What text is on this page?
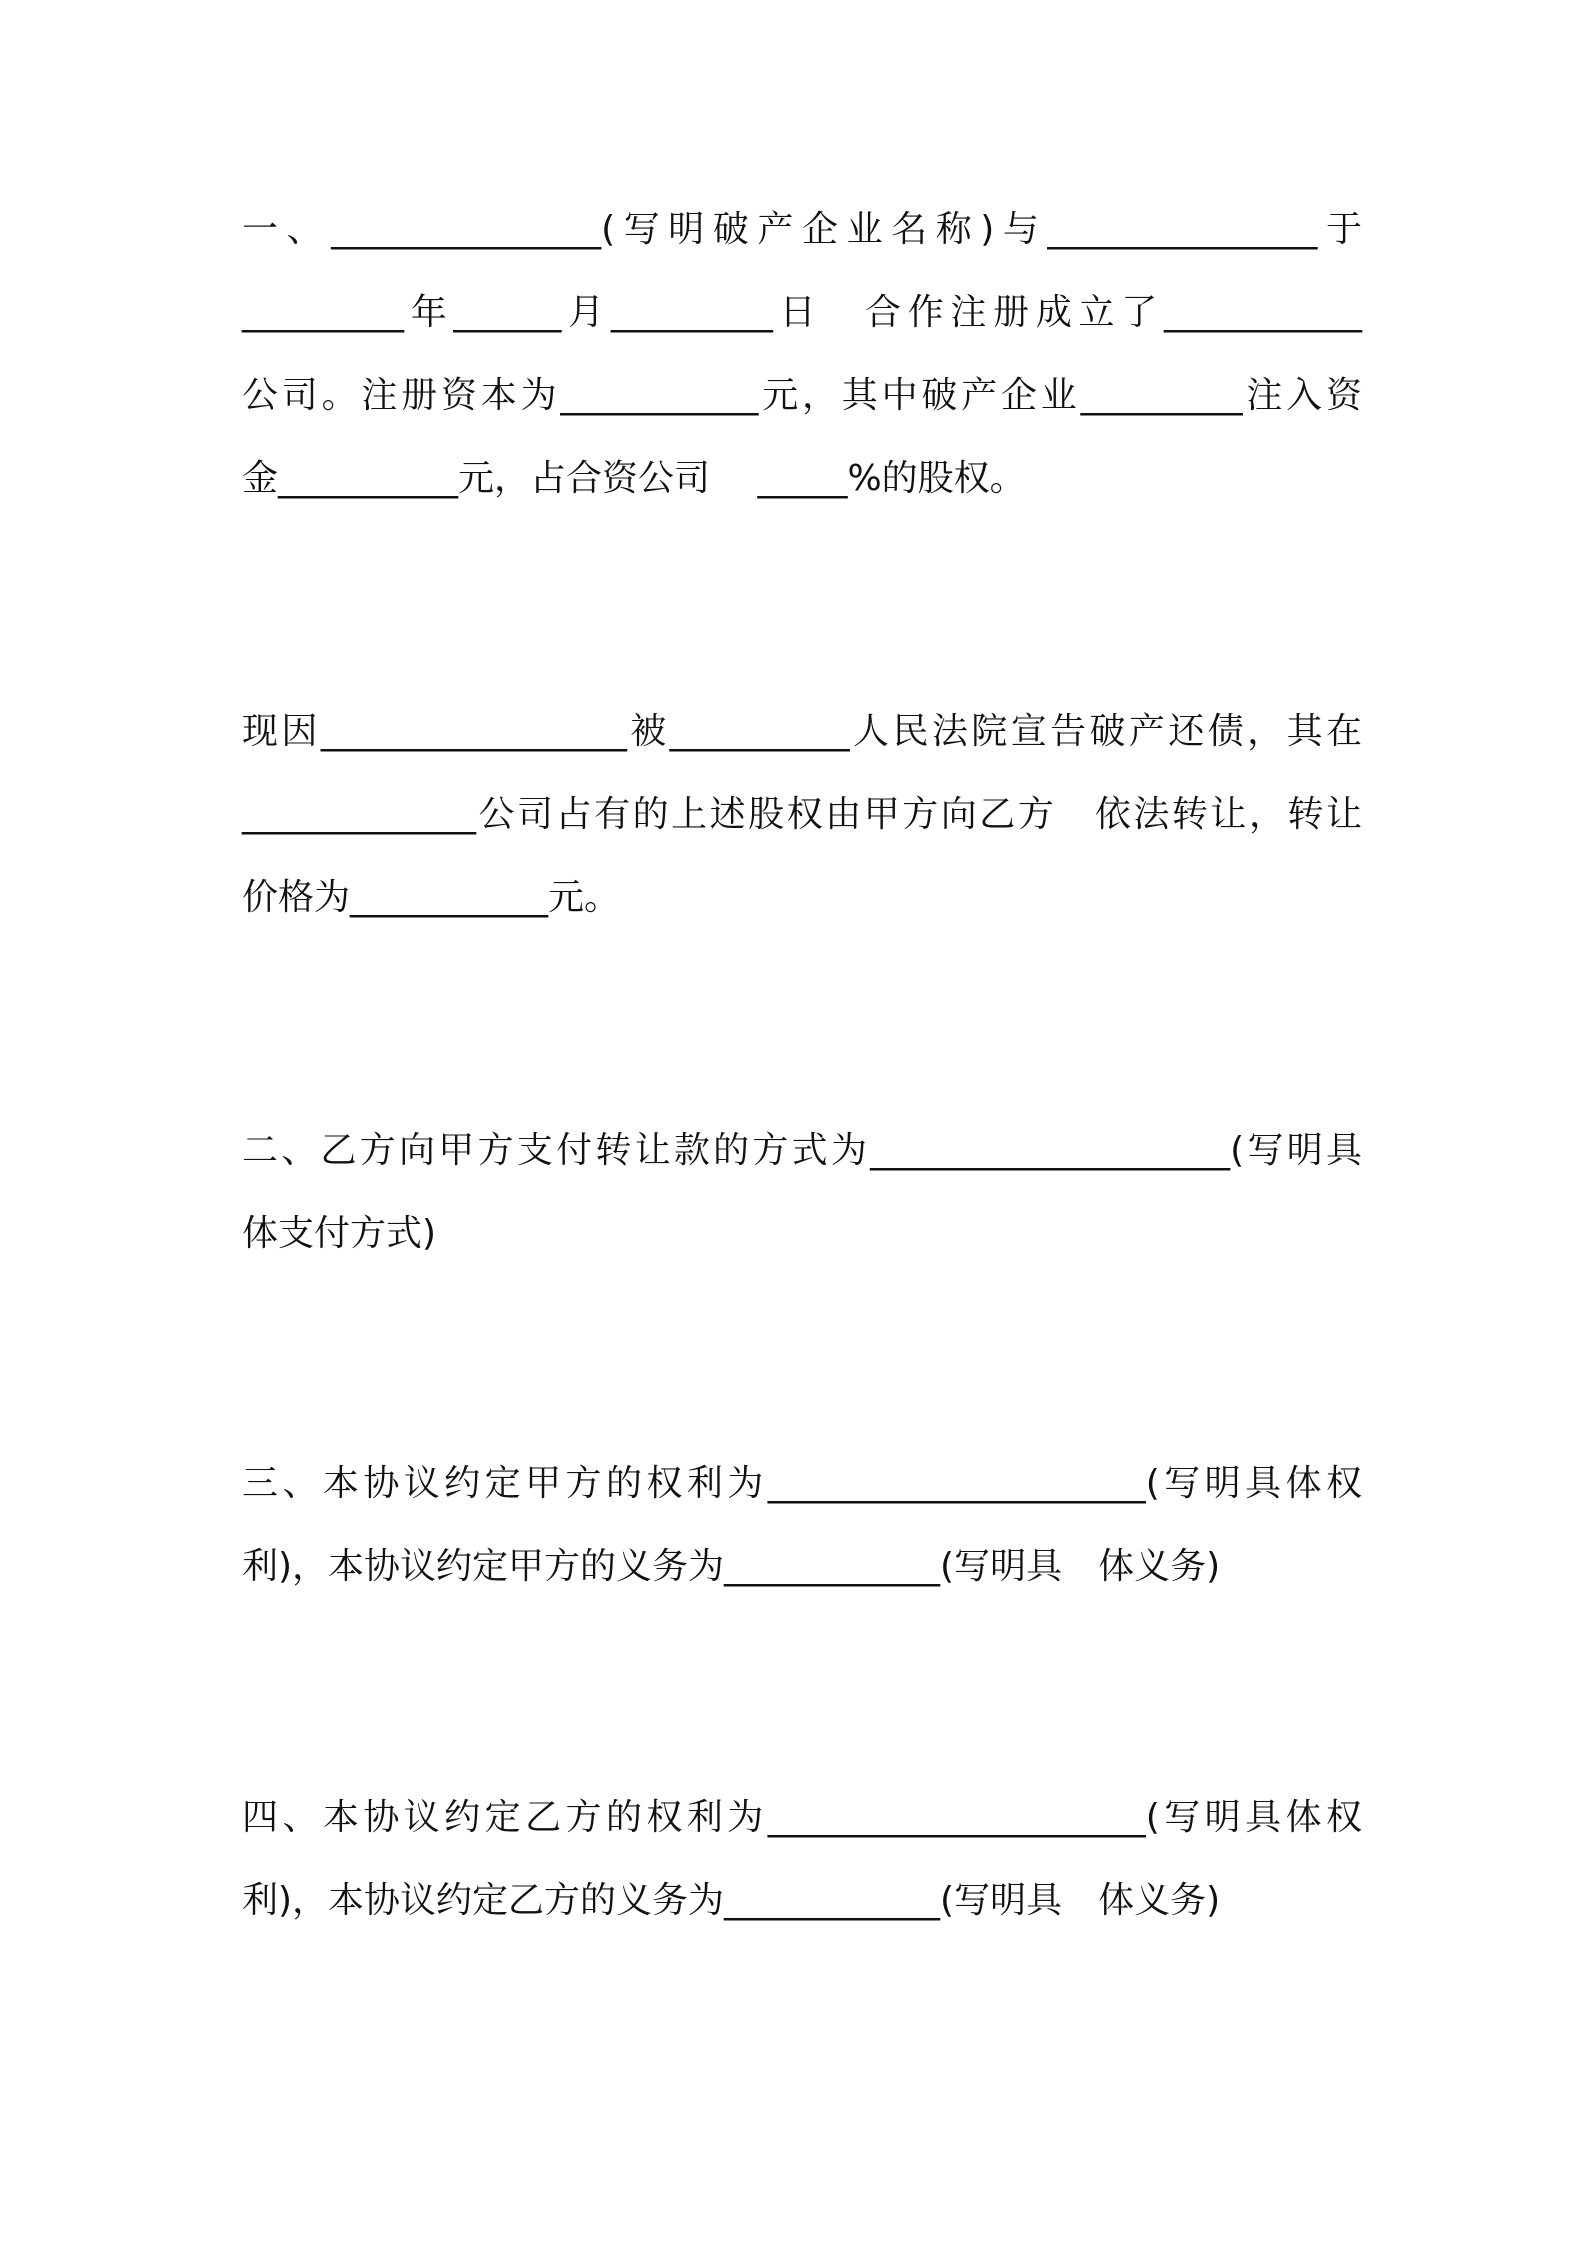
一、_______________(写明破产企业名称)与_______________于
_________年______月_________日　合作注册成立了___________
公司。注册资本为___________元，其中破产企业_________注入资
金__________元，占合资公司　 _____%的股权。
现因_________________被__________人民法院宣告破产还债，其在
_____________公司占有的上述股权由甲方向乙方　依法转让，转让
价格为___________元。
二、乙方向甲方支付转让款的方式为____________________(写明具
体支付方式)
三、本协议约定甲方的权利为_____________________(写明具体权
利)，本协议约定甲方的义务为____________(写明具　体义务)
四、本协议约定乙方的权利为_____________________(写明具体权
利)，本协议约定乙方的义务为____________(写明具　体义务)
